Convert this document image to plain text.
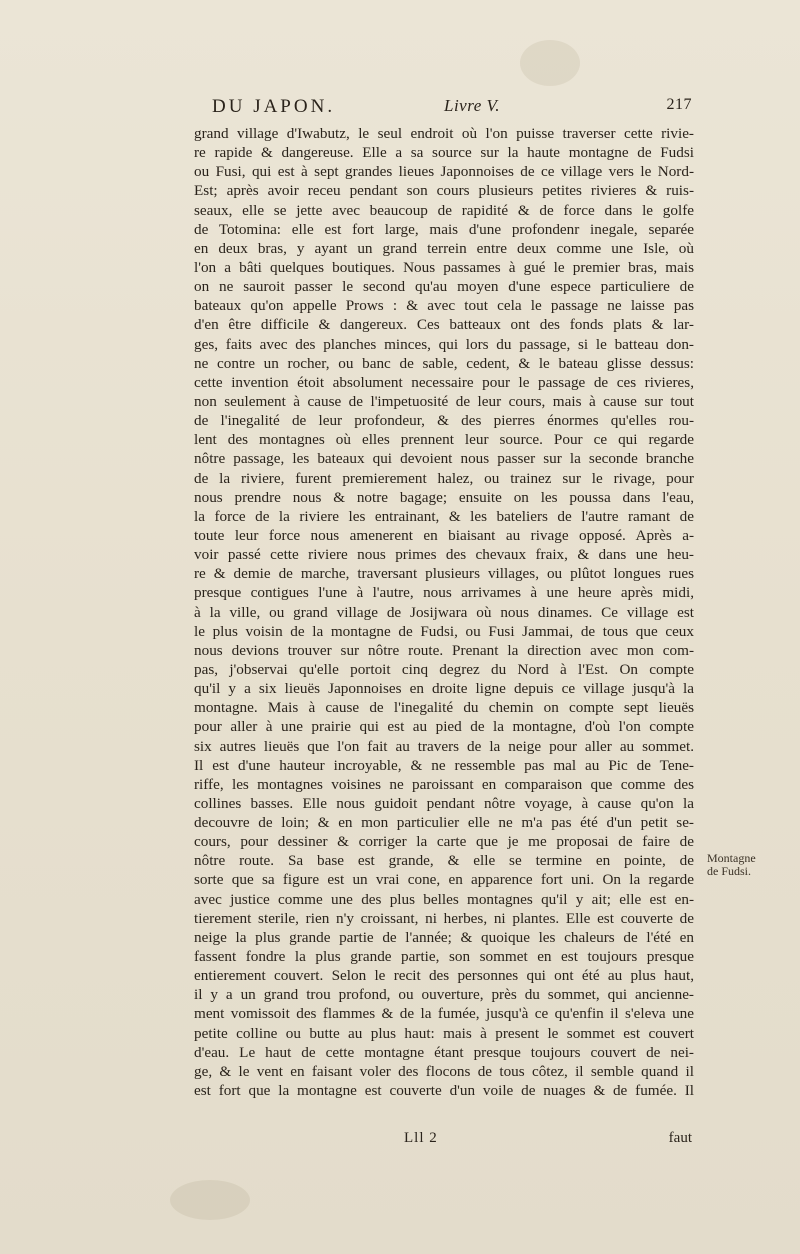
DU JAPON.	Livre V.	217
grand village d'Iwabutz, le seul endroit où l'on puisse traverser cette rivie-
re rapide & dangereuse. Elle a sa source sur la haute montagne de Fudsi
ou Fusi, qui est à sept grandes lieues Japonnoises de ce village vers le Nord-
Est; après avoir receu pendant son cours plusieurs petites rivieres & ruis-
seaux, elle se jette avec beaucoup de rapidité & de force dans le golfe
de Totomina: elle est fort large, mais d'une profondenr inegale, separée
en deux bras, y ayant un grand terrein entre deux comme une Isle, où
l'on a bâti quelques boutiques. Nous passames à gué le premier bras, mais
on ne sauroit passer le second qu'au moyen d'une espece particuliere de
bateaux qu'on appelle Prows : & avec tout cela le passage ne laisse pas
d'en être difficile & dangereux. Ces batteaux ont des fonds plats & lar-
ges, faits avec des planches minces, qui lors du passage, si le batteau don-
ne contre un rocher, ou banc de sable, cedent, & le bateau glisse dessus:
cette invention étoit absolument necessaire pour le passage de ces rivieres,
non seulement à cause de l'impetuosité de leur cours, mais à cause sur tout
de l'inegalité de leur profondeur, & des pierres énormes qu'elles rou-
lent des montagnes où elles prennent leur source. Pour ce qui regarde
nôtre passage, les bateaux qui devoient nous passer sur la seconde branche
de la riviere, furent premierement halez, ou trainez sur le rivage, pour
nous prendre nous & notre bagage; ensuite on les poussa dans l'eau,
la force de la riviere les entrainant, & les bateliers de l'autre ramant de
toute leur force nous amenerent en biaisant au rivage opposé. Après a-
voir passé cette riviere nous primes des chevaux fraix, & dans une heu-
re & demie de marche, traversant plusieurs villages, ou plûtot longues rues
presque contigues l'une à l'autre, nous arrivames à une heure après midi,
à la ville, ou grand village de Josijwara où nous dinames. Ce village est
le plus voisin de la montagne de Fudsi, ou Fusi Jammai, de tous que ceux
nous devions trouver sur nôtre route. Prenant la direction avec mon com-
pas, j'observai qu'elle portoit cinq degrez du Nord à l'Est. On compte
qu'il y a six lieuës Japonnoises en droite ligne depuis ce village jusqu'à la
montagne. Mais à cause de l'inegalité du chemin on compte sept lieuës
pour aller à une prairie qui est au pied de la montagne, d'où l'on compte
six autres lieuës que l'on fait au travers de la neige pour aller au sommet.
Il est d'une hauteur incroyable, & ne ressemble pas mal au Pic de Tene-
riffe, les montagnes voisines ne paroissant en comparaison que comme des
collines basses. Elle nous guidoit pendant nôtre voyage, à cause qu'on la
decouvre de loin; & en mon particulier elle ne m'a pas été d'un petit se-
cours, pour dessiner & corriger la carte que je me proposai de faire de
nôtre route. Sa base est grande, & elle se termine en pointe, de
sorte que sa figure est un vrai cone, en apparence fort uni. On la regarde
avec justice comme une des plus belles montagnes qu'il y ait; elle est en-
tierement sterile, rien n'y croissant, ni herbes, ni plantes. Elle est couverte de
neige la plus grande partie de l'année; & quoique les chaleurs de l'été en
fassent fondre la plus grande partie, son sommet en est toujours presque
entierement couvert. Selon le recit des personnes qui ont été au plus haut,
il y a un grand trou profond, ou ouverture, près du sommet, qui ancienne-
ment vomissoit des flammes & de la fumée, jusqu'à ce qu'enfin il s'eleva une
petite colline ou butte au plus haut: mais à present le sommet est couvert
d'eau. Le haut de cette montagne étant presque toujours couvert de nei-
ge, & le vent en faisant voler des flocons de tous côtez, il semble quand il
est fort que la montagne est couverte d'un voile de nuages & de fumée. Il
Montagne
de Fudsi.
Lll 2	faut
